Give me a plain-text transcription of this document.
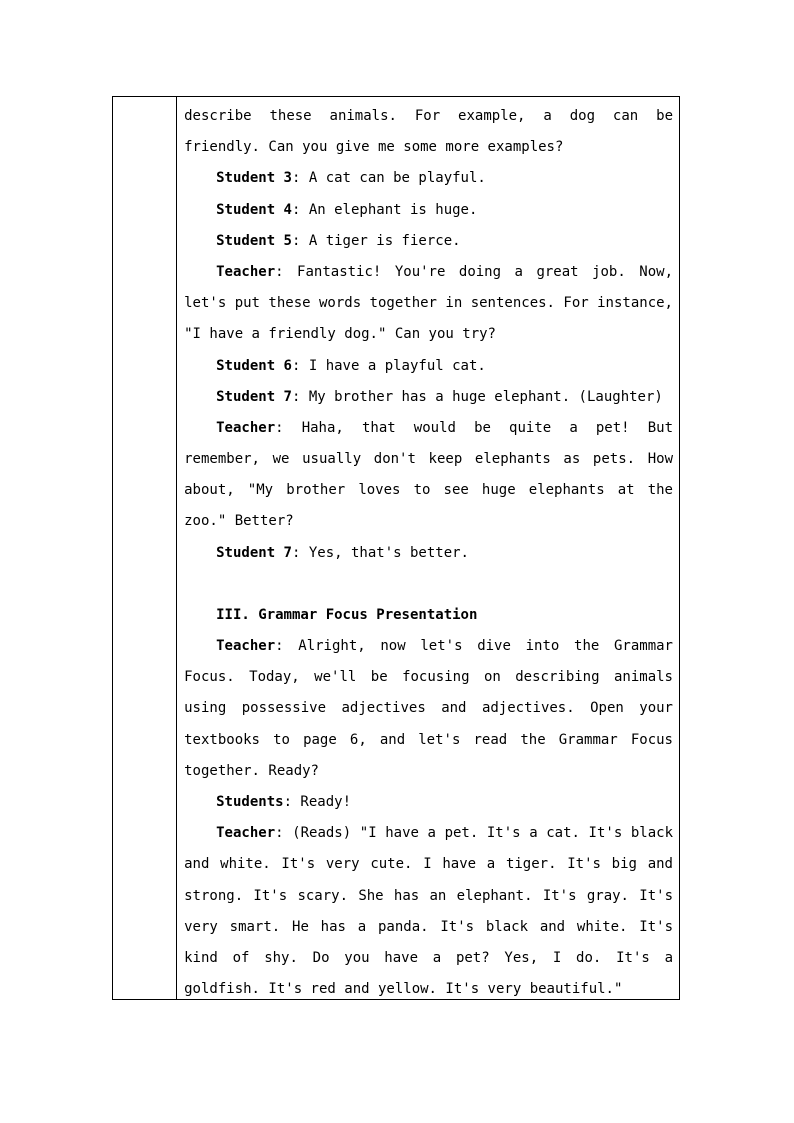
describe these animals. For example, a dog can be
friendly. Can you give me some more examples?
Student 3: A cat can be playful.
Student 4: An elephant is huge.
Student 5: A tiger is fierce.
Teacher: Fantastic! You're doing a great job. Now,
let's put these words together in sentences. For instance,
"I have a friendly dog." Can you try?
Student 6: I have a playful cat.
Student 7: My brother has a huge elephant. (Laughter)
Teacher: Haha, that would be quite a pet! But
remember, we usually don't keep elephants as pets. How
about, "My brother loves to see huge elephants at the
zoo." Better?
Student 7: Yes, that's better.
III. Grammar Focus Presentation
Teacher: Alright, now let's dive into the Grammar
Focus. Today, we'll be focusing on describing animals
using possessive adjectives and adjectives. Open your
textbooks to page 6, and let's read the Grammar Focus
together. Ready?
Students: Ready!
Teacher: (Reads) "I have a pet. It's a cat. It's black
and white. It's very cute. I have a tiger. It's big and
strong. It's scary. She has an elephant. It's gray. It's
very smart. He has a panda. It's black and white. It's
kind of shy. Do you have a pet? Yes, I do. It's a
goldfish. It's red and yellow. It's very beautiful."
